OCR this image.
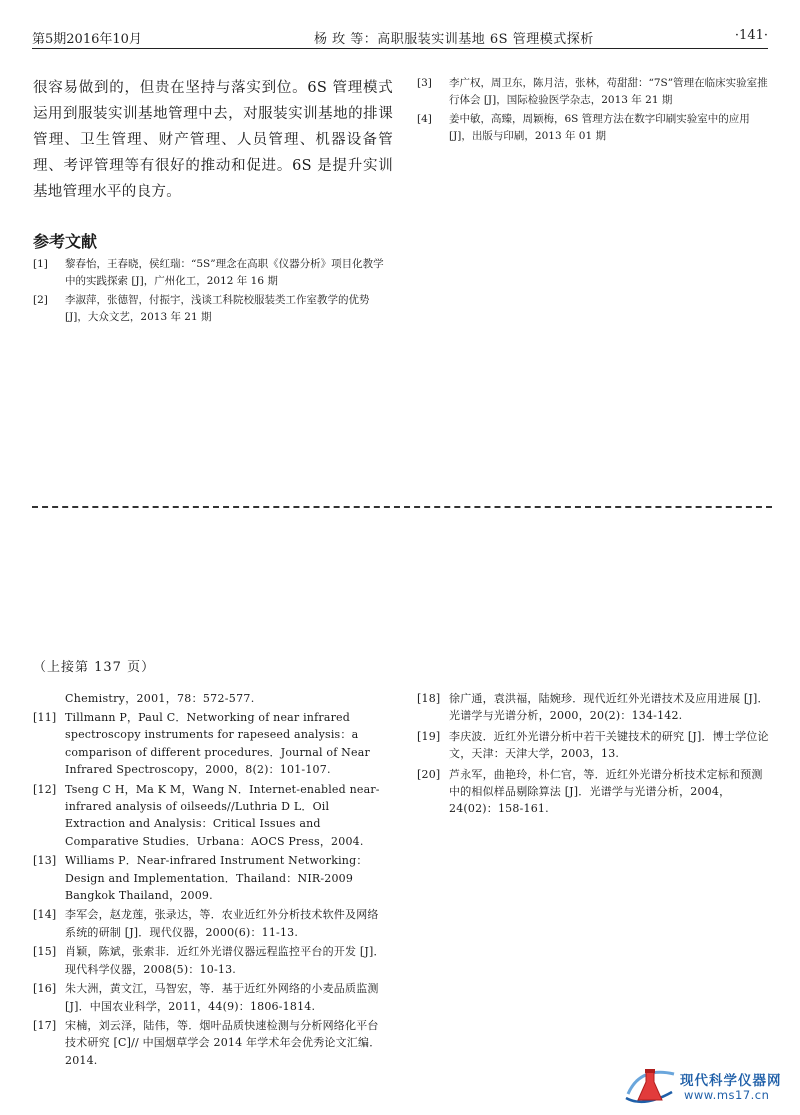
第5期2016年10月	杨 玫 等：高职服装实训基地 6S 管理模式探析	·141·

很容易做到的，但贵在坚持与落实到位。6S 管理模式运用到服装实训基地管理中去，对服装实训基地的排课管理、卫生管理、财产管理、人员管理、机器设备管理、考评管理等有很好的推动和促进。6S 是提升实训基地管理水平的良方。

参考文献
[1] 黎春怡，王春晓，侯红瑞：“5S”理念在高职《仪器分析》项目化教学中的实践探索 [J]，广州化工，2012 年 16 期
[2] 李淑萍，张德智，付振宇，浅谈工科院校服装类工作室教学的优势 [J]，大众文艺，2013 年 21 期
[3] 李广权，周卫东，陈月洁，张林，苟甜甜：“7S”管理在临床实验室推行体会 [J]，国际检验医学杂志，2013 年 21 期
[4] 姜中敏，高臻，周颖梅，6S 管理方法在数字印刷实验室中的应用 [J]，出版与印刷，2013 年 01 期

（上接第 137 页）

Chemistry，2001，78：572-577.

[11] Tillmann P，Paul C．Networking of near infrared spectroscopy instruments for rapeseed analysis：a comparison of different procedures．Journal of Near Infrared Spectroscopy，2000，8(2)：101-107.
[12] Tseng C H，Ma K M，Wang N．Internet-enabled near-infrared analysis of oilseeds//Luthria D L．Oil Extraction and Analysis：Critical Issues and Comparative Studies．Urbana：AOCS Press，2004.
[13] Williams P．Near-infrared Instrument Networking：Design and Implementation．Thailand：NIR-2009 Bangkok Thailand，2009.
[14] 李军会，赵龙莲，张录达，等．农业近红外分析技术软件及网络系统的研制 [J]．现代仪器，2000(6)：11-13.
[15] 肖颖，陈斌，张索非．近红外光谱仪器远程监控平台的开发 [J]．现代科学仪器，2008(5)：10-13.
[16] 朱大洲，黄文江，马智宏，等．基于近红外网络的小麦品质监测 [J]．中国农业科学，2011，44(9)：1806-1814.
[17] 宋楠，刘云泽，陆伟，等．烟叶品质快速检测与分析网络化平台技术研究 [C]// 中国烟草学会 2014 年学术年会优秀论文汇编．2014.
[18] 徐广通，袁洪福，陆婉珍．现代近红外光谱技术及应用进展 [J]．光谱学与光谱分析，2000，20(2)：134-142.
[19] 李庆波．近红外光谱分析中若干关键技术的研究 [J]．博士学位论文，天津：天津大学，2003，13.
[20] 芦永军，曲艳玲，朴仁官，等．近红外光谱分析技术定标和预测中的相似样品剔除算法 [J]．光谱学与光谱分析，2004，24(02)：158-161.
现代科学仪器网
www.ms17.cn
